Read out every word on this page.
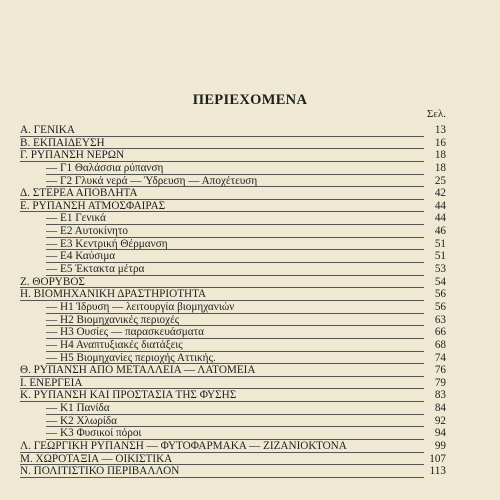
ΠΕΡΙΕΧΟΜΕΝΑ
Σελ.
Α. ΓΕΝΙΚΑ	13
Β. ΕΚΠΑΙΔΕΥΣΗ	16
Γ. ΡΥΠΑΝΣΗ ΝΕΡΩΝ	18
— Γ1 Θαλάσσια ρύπανση	18
— Γ2 Γλυκά νερά — Ύδρευση — Αποχέτευση	25
Δ. ΣΤΕΡΕΑ ΑΠΟΒΛΗΤΑ	42
Ε. ΡΥΠΑΝΣΗ ΑΤΜΟΣΦΑΙΡΑΣ	44
— Ε1 Γενικά	44
— Ε2 Αυτοκίνητο	46
— Ε3 Κεντρική Θέρμανση	51
— Ε4 Καύσιμα	51
— Ε5 Έκτακτα μέτρα	53
Ζ. ΘΟΡΥΒΟΣ	54
Η. ΒΙΟΜΗΧΑΝΙΚΗ ΔΡΑΣΤΗΡΙΟΤΗΤΑ	56
— Η1 Ίδρυση — λειτουργία βιομηχανιών	56
— Η2 Βιομηχανικές περιοχές	63
— Η3 Ουσίες — παρασκευάσματα	66
— Η4 Αναπτυξιακές διατάξεις	68
— Η5 Βιομηχανίες περιοχής Αττικής.	74
Θ. ΡΥΠΑΝΣΗ ΑΠΟ ΜΕΤΑΛΛΕΙΑ — ΛΑΤΟΜΕΙΑ	76
Ι. ΕΝΕΡΓΕΙΑ	79
Κ. ΡΥΠΑΝΣΗ ΚΑΙ ΠΡΟΣΤΑΣΙΑ ΤΗΣ ΦΥΣΗΣ	83
— Κ1 Πανίδα	84
— Κ2 Χλωρίδα	92
— Κ3 Φυσικοί πόροι	94
Λ. ΓΕΩΡΓΙΚΗ ΡΥΠΑΝΣΗ — ΦΥΤΟΦΑΡΜΑΚΑ — ΖΙΖΑΝΙΟΚΤΟΝΑ	99
Μ. ΧΩΡΟΤΑΞΙΑ — ΟΙΚΙΣΤΙΚΑ	107
Ν. ΠΟΛΙΤΙΣΤΙΚΟ ΠΕΡΙΒΑΛΛΟΝ	113
